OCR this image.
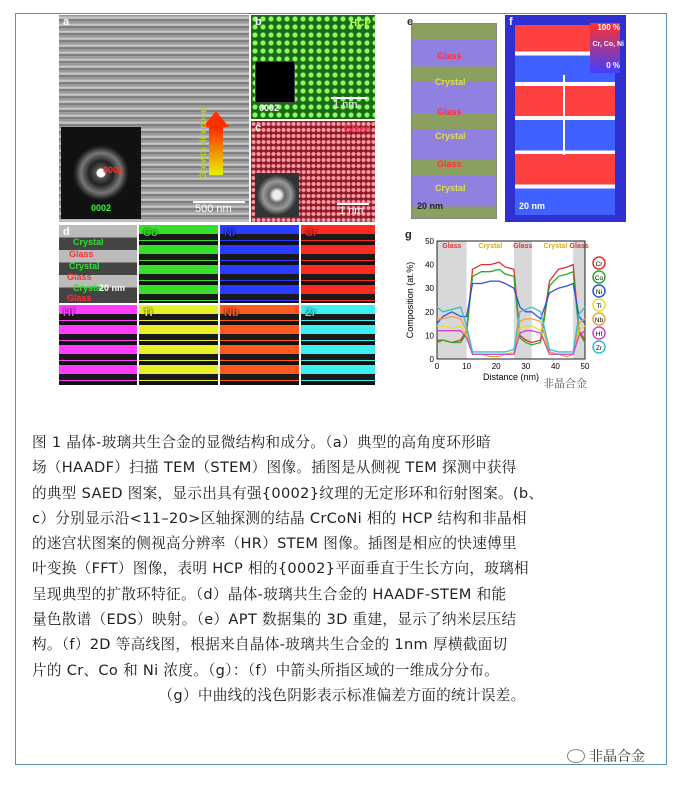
a
0002
0002
Growth direction
500 nm
b	HCP
0002	1 nm
c	Glass
1 nm
d
Crystal
Glass
Crystal
Glass
Crystal
Glass
20 nm
Co	Ni	Cr
Hf	Ti	Nb	Zr
e
Glass
Crystal
Glass
Crystal
Glass
Crystal
20 nm
f	100 %
Cr, Co, Ni
0 %
20 nm
0	10	20	30	40	50
0
10
20
30
40
50
Distance (nm)
Composition (at.%)
Glass Crystal Glass Crystal Glass
Cr
Co
Ni
Ti
Nb
Hf
Zr
g
非晶合金
图 1 晶体-玻璃共生合金的显微结构和成分。（a）典型的高角度环形暗
场（HAADF）扫描 TEM（STEM）图像。插图是从侧视 TEM 探测中获得
的典型 SAED 图案，显示出具有强{0002}纹理的无定形环和衍射图案。(b、
c）分别显示沿<11–20>区轴探测的结晶 CrCoNi 相的 HCP 结构和非晶相
的迷宫状图案的侧视高分辨率（HR）STEM 图像。插图是相应的快速傅里
叶变换（FFT）图像，表明 HCP 相的{0002}平面垂直于生长方向，玻璃相
呈现典型的扩散环特征。（d）晶体-玻璃共生合金的 HAADF-STEM 和能
量色散谱（EDS）映射。（e）APT 数据集的 3D 重建，显示了纳米层压结
构。（f）2D 等高线图，根据来自晶体-玻璃共生合金的 1nm 厚横截面切
片的 Cr、Co 和 Ni 浓度。（g）：（f）中箭头所指区域的一维成分分布。
（g）中曲线的浅色阴影表示标准偏差方面的统计误差。
非晶合金
